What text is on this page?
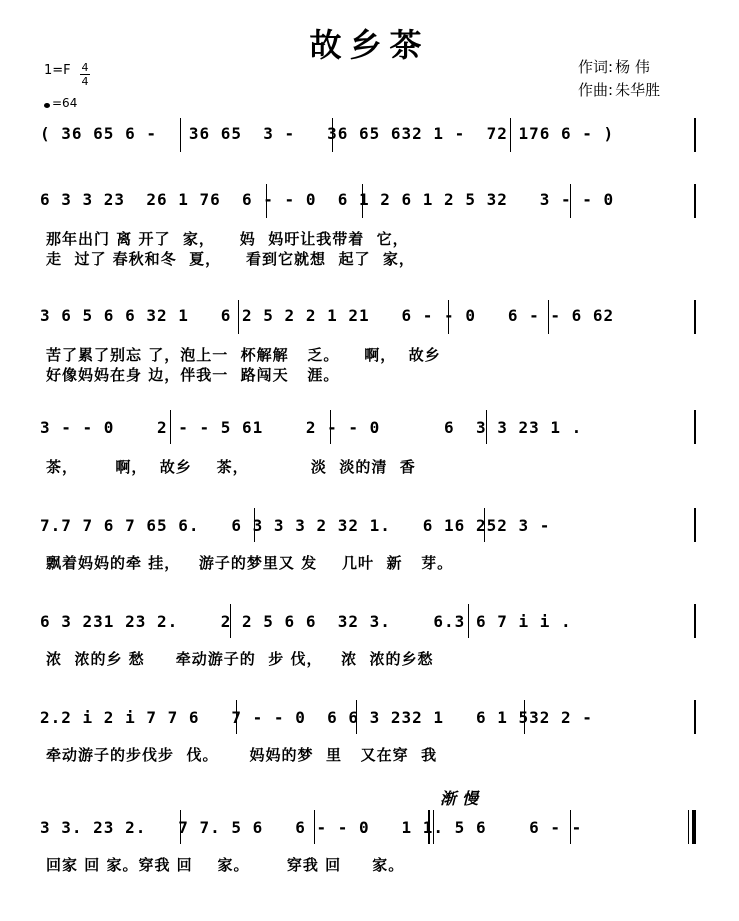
故乡茶
1=F 4
4
=64
作词: 杨 伟
作曲: 朱华胜
( 36 65 6 -   36 65  3 -   36 65 632 1 -  72 176 6 - )
6 3 3 23  26 1 76  6 - - 0  6 1 2 6 1 2 5 32   3 - - 0
那年出门 离 开了  家，    妈  妈吁让我带着  它，
走  过了 春秋和冬  夏，    看到它就想  起了  家，
3 6 5 6 6 32 1   6 2 5 2 2 1 21   6 - - 0   6 - - 6 62
苦了累了别忘 了，泡上一  杯解解   乏。    啊，  故乡
好像妈妈在身 边，伴我一  路闯天   涯。
3 - - 0    2 - - 5 61    2 - - 0      6  3 3 23 1 .
茶，      啊，  故乡    茶，          淡  淡的清  香
7.7 7 6 7 65 6.   6 3 3 3 2 32 1.   6 16 252 3 -
飘着妈妈的牵 挂，   游子的梦里又 发    几叶  新   芽。
6 3 231 23 2.    2 2 5 6 6  32 3.    6.3 6 7 i i .
浓  浓的乡 愁     牵动游子的  步 伐，   浓  浓的乡愁
2.2 i 2 i 7 7 6   7 - - 0  6 6 3 232 1   6 1 532 2 -
牵动游子的步伐步  伐。     妈妈的梦  里   又在穿  我
渐慢
3 3. 23 2.   7 7. 5 6   6 - - 0   1 1. 5 6    6 - -
回家 回 家。穿我 回    家。      穿我 回     家。
